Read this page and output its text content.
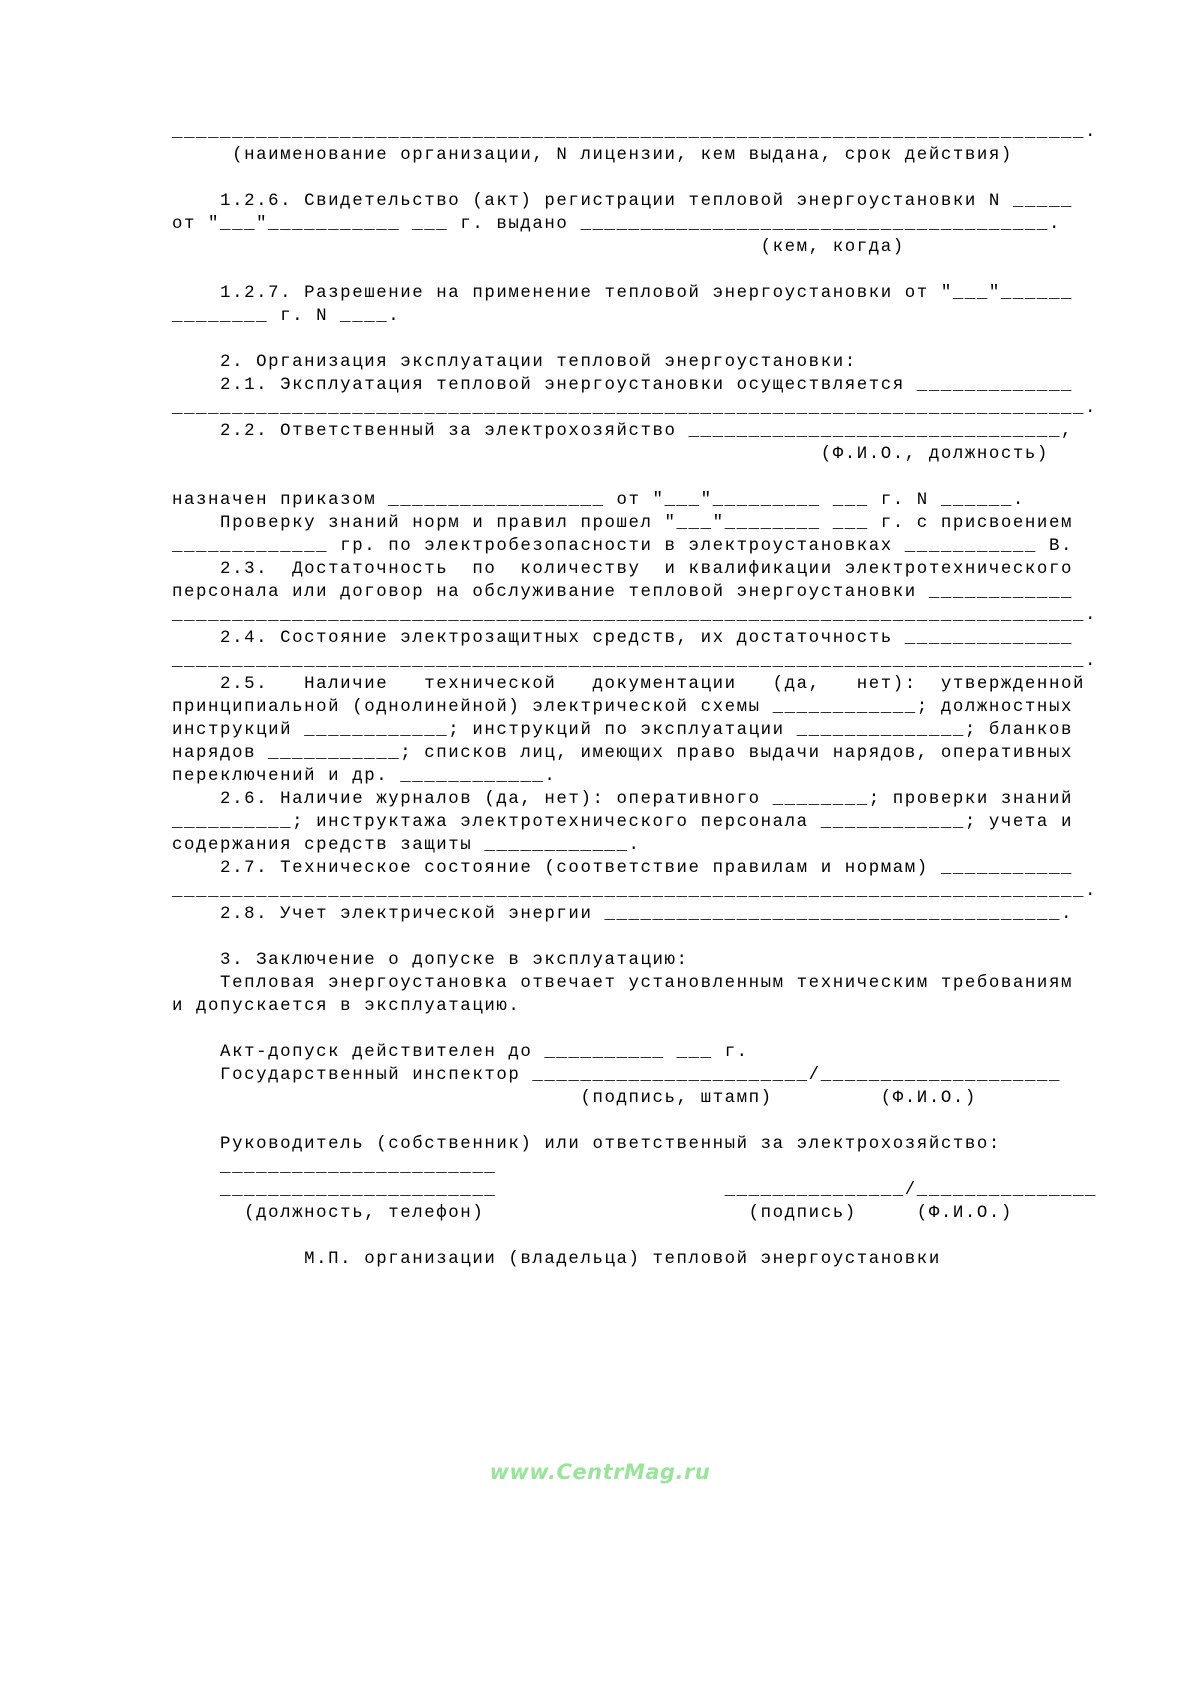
____________________________________________________________________________.
(наименование организации, N лицензии, кем выдана, срок действия)
1.2.6. Свидетельство (акт) регистрации тепловой энергоустановки N _____
от "___"___________ ___ г. выдано _______________________________________.
(кем, когда)
1.2.7. Разрешение на применение тепловой энергоустановки от "___"______
________ г. N ____.
2. Организация эксплуатации тепловой энергоустановки:
2.1. Эксплуатация тепловой энергоустановки осуществляется _____________
____________________________________________________________________________.
2.2. Ответственный за электрохозяйство _______________________________,
(Ф.И.О., должность)
назначен приказом __________________ от "___"_________ ___ г. N ______.
Проверку знаний норм и правил прошел "___"________ ___ г. с присвоением
_____________ гр. по электробезопасности в электроустановках ___________ В.
2.3.  Достаточность  по  количеству  и квалификации электротехнического
персонала или договор на обслуживание тепловой энергоустановки ____________
____________________________________________________________________________.
2.4. Состояние электрозащитных средств, их достаточность ______________
____________________________________________________________________________.
2.5.   Наличие   технической   документации   (да,   нет):  утвержденной
принципиальной (однолинейной) электрической схемы ____________; должностных
инструкций ____________; инструкций по эксплуатации ______________; бланков
нарядов ___________; списков лиц, имеющих право выдачи нарядов, оперативных
переключений и др. ____________.
2.6. Наличие журналов (да, нет): оперативного ________; проверки знаний
__________; инструктажа электротехнического персонала ____________; учета и
содержания средств защиты ____________.
2.7. Техническое состояние (соответствие правилам и нормам) ___________
____________________________________________________________________________.
2.8. Учет электрической энергии ______________________________________.
3. Заключение о допуске в эксплуатацию:
Тепловая энергоустановка отвечает установленным техническим требованиям
и допускается в эксплуатацию.
Акт-допуск действителен до __________ ___ г.
Государственный инспектор _______________________/____________________
(подпись, штамп)         (Ф.И.О.)
Руководитель (собственник) или ответственный за электрохозяйство:
_______________________
_______________________                   _______________/_______________
(должность, телефон)                      (подпись)     (Ф.И.О.)
М.П. организации (владельца) тепловой энергоустановки
www.CentrMag.ru
